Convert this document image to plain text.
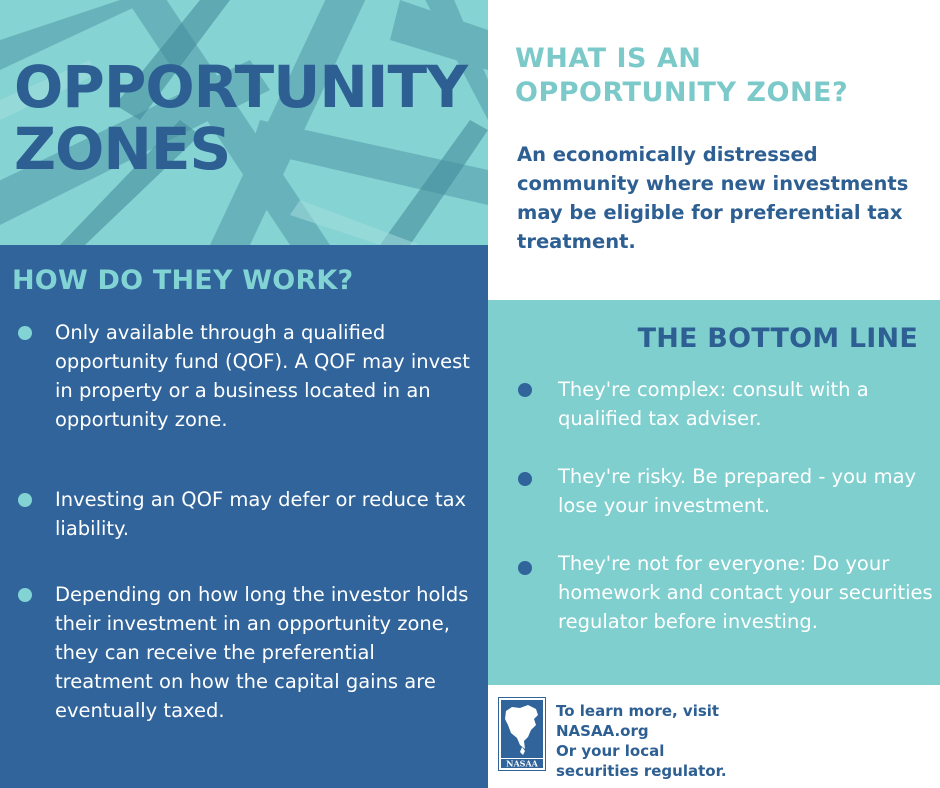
OPPORTUNITY
ZONES
HOW DO THEY WORK?
Only available through a qualified opportunity fund (QOF). A QOF may invest in property or a business located in an opportunity zone.
Investing an QOF may defer or reduce tax liability.
Depending on how long the investor holds their investment in an opportunity zone, they can receive the preferential treatment on how the capital gains are eventually taxed.
WHAT IS AN
OPPORTUNITY ZONE?

An economically distressed community where new investments may be eligible for preferential tax treatment.

THE BOTTOM LINE
They're complex: consult with a qualified tax adviser.
They're risky. Be prepared - you may lose your investment.
They're not for everyone: Do your homework and contact your securities regulator before investing.
NASAA

To learn more, visit
NASAA.org
Or your local
securities regulator.
